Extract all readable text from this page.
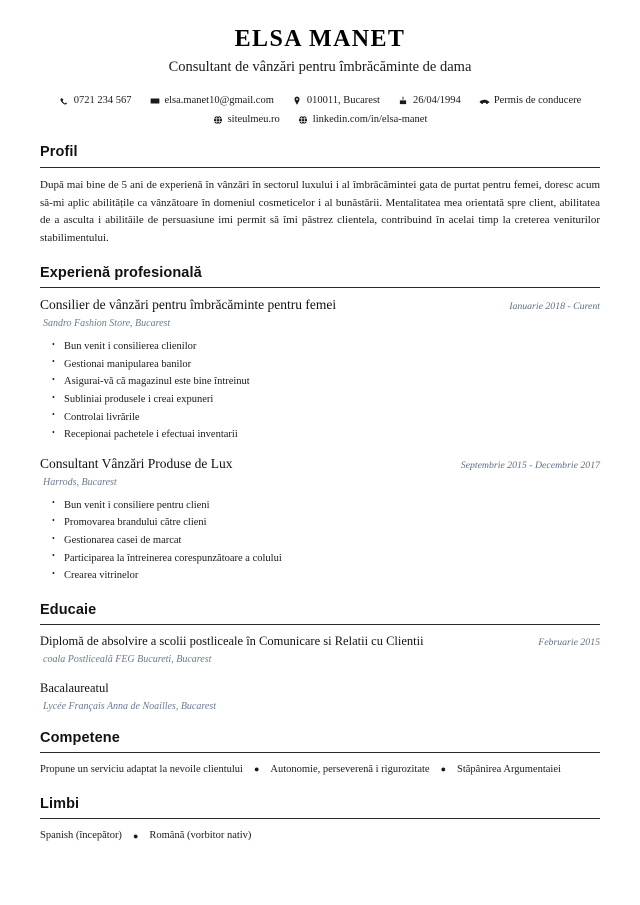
ELSA MANET
Consultant de vânzări pentru îmbrăcăminte de dama
0721 234 567	elsa.manet10@gmail.com	010011, Bucarest	26/04/1994	Permis de conducere
siteulmeu.ro	linkedin.com/in/elsa-manet
Profil

După mai bine de 5 ani de experienă în vânzări în sectorul luxului i al îmbrăcămintei gata de purtat pentru femei, doresc acum să-mi aplic abilitățile ca vânzătoare în domeniul cosmeticelor i al bunăstării. Mentalitatea mea orientată spre client, abilitatea de a asculta i abilităile de persuasiune imi permit să îmi păstrez clientela, contribuind în acelai timp la creterea veniturilor stabilimentului.

Experienă profesională
Consilier de vânzări pentru îmbrăcăminte pentru femei	Ianuarie 2018 - Curent
Sandro Fashion Store, Bucarest
• Bun venit i consilierea clienilor
• Gestionai manipularea banilor
• Asigurai-vă că magazinul este bine întreinut
• Subliniai produsele i creai expuneri
• Controlai livrările
• Recepionai pachetele i efectuai inventarii
Consultant Vânzări Produse de Lux	Septembrie 2015 - Decembrie 2017
Harrods, Bucarest
• Bun venit i consiliere pentru clieni
• Promovarea brandului către clieni
• Gestionarea casei de marcat
• Participarea la întreinerea corespunzătoare a colului
• Crearea vitrinelor
Educaie
Diplomă de absolvire a scolii postliceale în Comunicare si Relatii cu Clientii	Februarie 2015
coala Postliceală FEG Bucureti, Bucarest
Bacalaureatul
Lycée Français Anna de Noailles, Bucarest
Competene
Propune un serviciu adaptat la nevoile clientului ● Autonomie, perseverenă i rigurozitate ● Stăpânirea Argumentaiei
Limbi
Spanish (începător) ● Română (vorbitor nativ)
